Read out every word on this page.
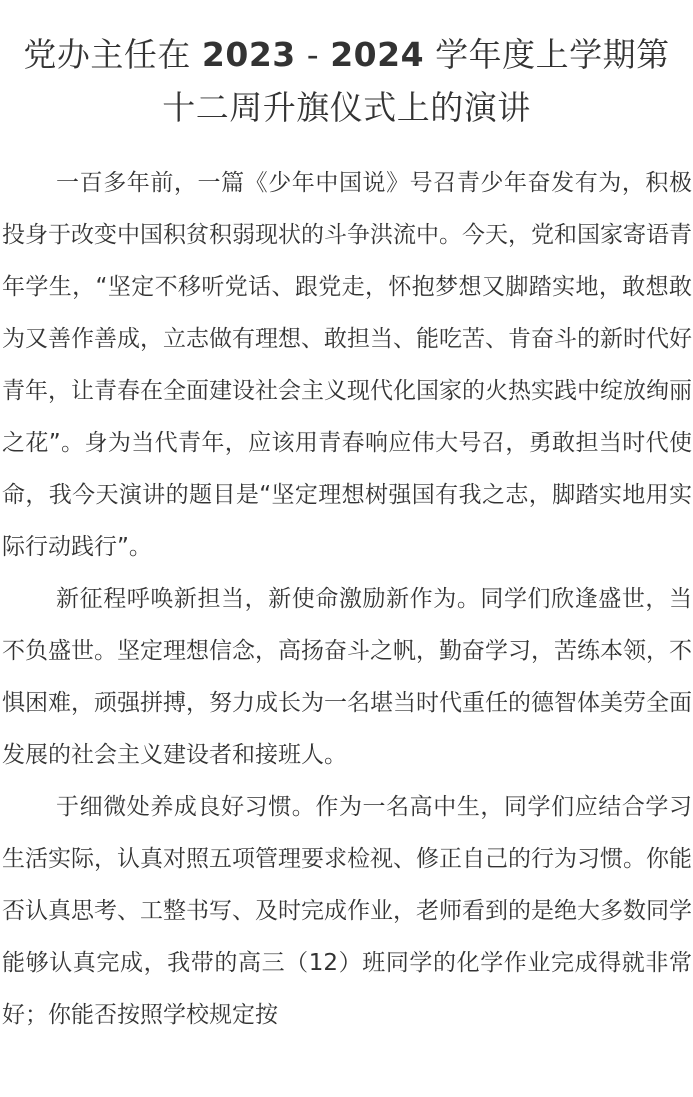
党办主任在 2023 - 2024 学年度上学期第十二周升旗仪式上的演讲

一百多年前，一篇《少年中国说》号召青少年奋发有为，积极投身于改变中国积贫积弱现状的斗争洪流中。今天，党和国家寄语青年学生，“坚定不移听党话、跟党走，怀抱梦想又脚踏实地，敢想敢为又善作善成，立志做有理想、敢担当、能吃苦、肯奋斗的新时代好青年，让青春在全面建设社会主义现代化国家的火热实践中绽放绚丽之花”。身为当代青年，应该用青春响应伟大号召，勇敢担当时代使命，我今天演讲的题目是“坚定理想树强国有我之志，脚踏实地用实际行动践行”。

新征程呼唤新担当，新使命激励新作为。同学们欣逢盛世，当不负盛世。坚定理想信念，高扬奋斗之帆，勤奋学习，苦练本领，不惧困难，顽强拼搏，努力成长为一名堪当时代重任的德智体美劳全面发展的社会主义建设者和接班人。

于细微处养成良好习惯。作为一名高中生，同学们应结合学习生活实际，认真对照五项管理要求检视、修正自己的行为习惯。你能否认真思考、工整书写、及时完成作业，老师看到的是绝大多数同学能够认真完成，我带的高三（12）班同学的化学作业完成得就非常好；你能否按照学校规定按
